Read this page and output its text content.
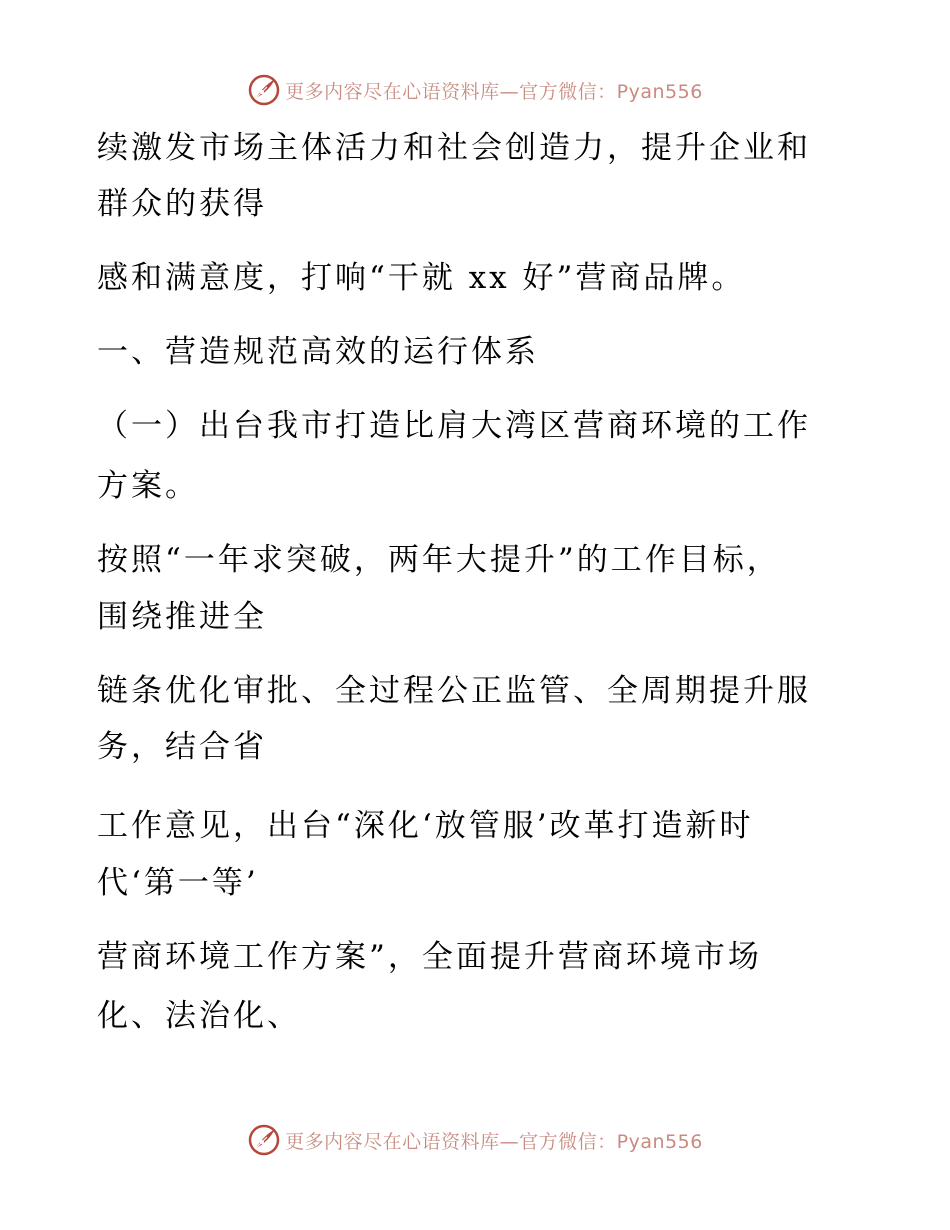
更多内容尽在心语资料库—官方微信：Pyan556
续激发市场主体活力和社会创造力，提升企业和
群众的获得
感和满意度，打响“干就 xx 好”营商品牌。
一、营造规范高效的运行体系
（一）出台我市打造比肩大湾区营商环境的工作
方案。
按照“一年求突破，两年大提升”的工作目标，
围绕推进全
链条优化审批、全过程公正监管、全周期提升服
务，结合省
工作意见，出台“深化‘放管服’改革打造新时
代‘第一等’
营商环境工作方案”，全面提升营商环境市场
化、法治化、
更多内容尽在心语资料库—官方微信：Pyan556
